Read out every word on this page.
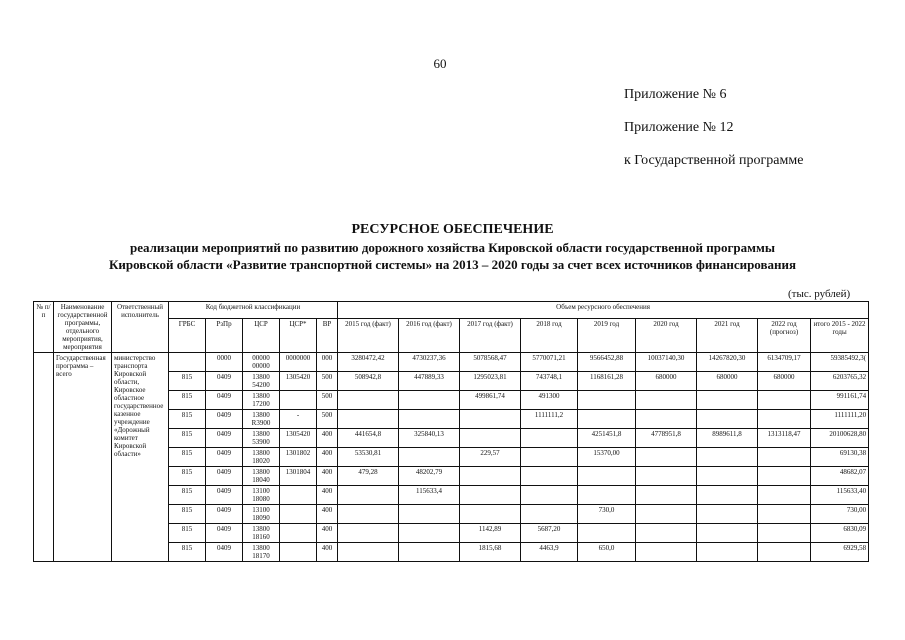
60
Приложение № 6
Приложение № 12
к Государственной программе
РЕСУРСНОЕ ОБЕСПЕЧЕНИЕ
реализации мероприятий по развитию дорожного хозяйства Кировской области государственной программы
Кировской области «Развитие транспортной системы» на 2013 – 2020 годы за счет всех источников финансирования
(тыс. рублей)
№ п/п	Наименование государственной программы, отдельного мероприятия, мероприятия	Ответственный исполнитель	Код бюджетной классификации					Объем ресурсного обеспечения								
			ГРБС	РзПр	ЦСР	ЦСР*	ВР	2015 год (факт)	2016 год (факт)	2017 год (факт)	2018 год	2019 год	2020 год	2021 год	2022 год (прогноз)	итого 2015 - 2022 годы
	Государственная программа – всего	министерство транспорта Кировской области, Кировское областное государственное казенное учреждение «Дорожный комитет Кировской области»		0000	00000 00000	0000000	000	3280472,42	4730237,36	5078568,47	5770071,21	9566452,88	10037140,30	14267820,30	6134709,17	59385492,3(
			815	0409	13800 54200	1305420	500	508942,8	447889,33	1295023,81	743748,1	1168161,28	680000	680000	680000	6203765,32
			815	0409	13800 17200		500			499861,74	491300					991161,74
			815	0409	13800 R3900	-	500				1111111,2					1111111,20
			815	0409	13800 53900	1305420	400	441654,8	325840,13			4251451,8	4778951,8	8989611,8	1313118,47	20100628,80
			815	0409	13800 18020	1301802	400	53530,81		229,57		15370,00				69130,38
			815	0409	13800 18040	1301804	400	479,28	48202,79							48682,07
			815	0409	13100 18080		400		115633,4							115633,40
			815	0409	13100 18090		400					730,0				730,00
			815	0409	13800 18160		400			1142,89	5687,20					6830,09
			815	0409	13800 18170		400			1815,68	4463,9	650,0				6929,58
